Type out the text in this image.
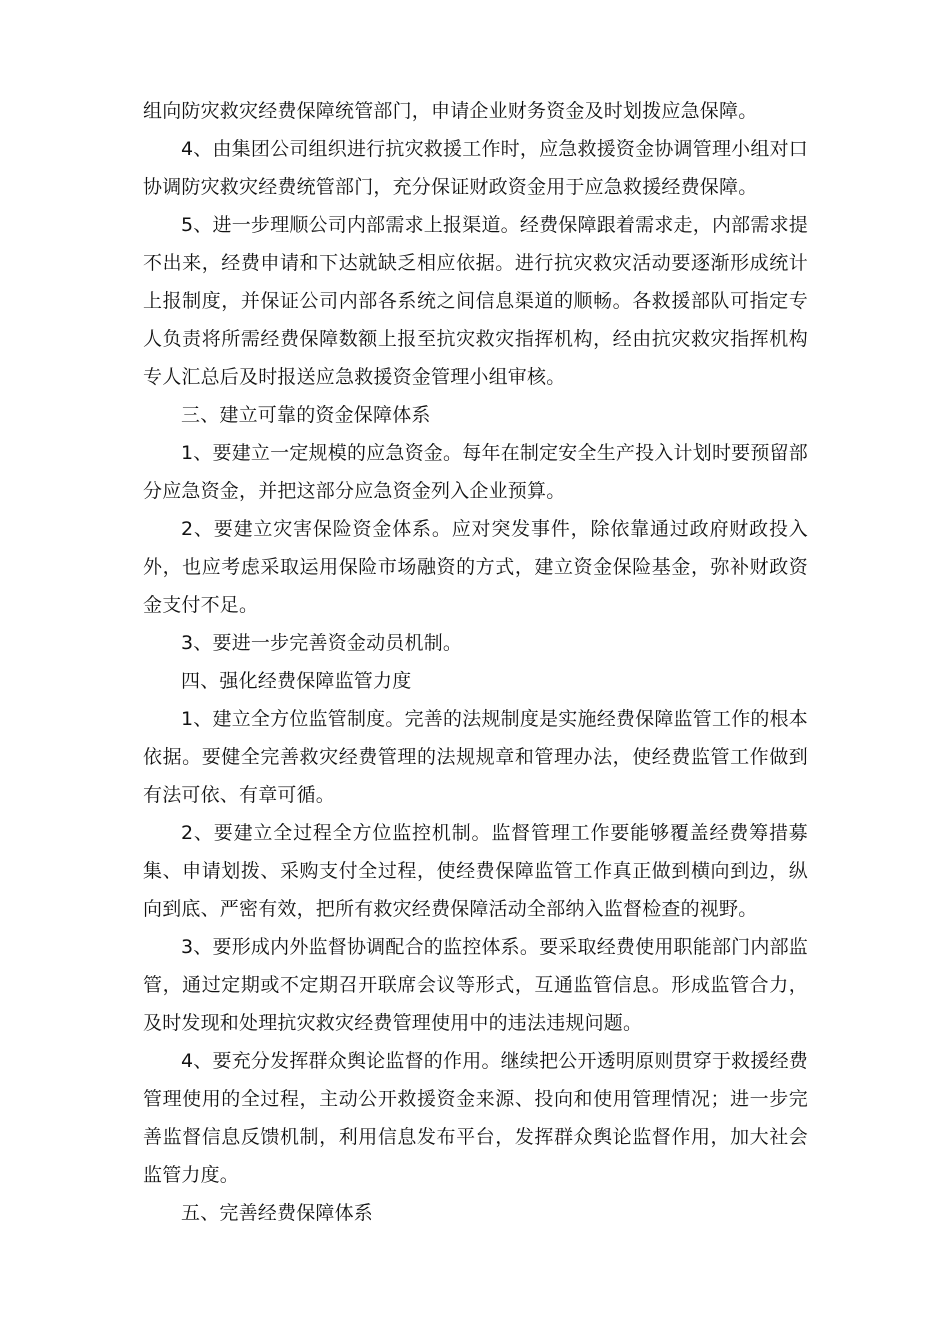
组向防灾救灾经费保障统管部门，申请企业财务资金及时划拨应急保障。

4、由集团公司组织进行抗灾救援工作时，应急救援资金协调管理小组对口协调防灾救灾经费统管部门，充分保证财政资金用于应急救援经费保障。

5、进一步理顺公司内部需求上报渠道。经费保障跟着需求走，内部需求提不出来，经费申请和下达就缺乏相应依据。进行抗灾救灾活动要逐渐形成统计上报制度，并保证公司内部各系统之间信息渠道的顺畅。各救援部队可指定专人负责将所需经费保障数额上报至抗灾救灾指挥机构，经由抗灾救灾指挥机构专人汇总后及时报送应急救援资金管理小组审核。

三、建立可靠的资金保障体系

1、要建立一定规模的应急资金。每年在制定安全生产投入计划时要预留部分应急资金，并把这部分应急资金列入企业预算。

2、要建立灾害保险资金体系。应对突发事件，除依靠通过政府财政投入外，也应考虑采取运用保险市场融资的方式，建立资金保险基金，弥补财政资金支付不足。

3、要进一步完善资金动员机制。

四、强化经费保障监管力度

1、建立全方位监管制度。完善的法规制度是实施经费保障监管工作的根本依据。要健全完善救灾经费管理的法规规章和管理办法，使经费监管工作做到有法可依、有章可循。

2、要建立全过程全方位监控机制。监督管理工作要能够覆盖经费筹措募集、申请划拨、采购支付全过程，使经费保障监管工作真正做到横向到边，纵向到底、严密有效，把所有救灾经费保障活动全部纳入监督检查的视野。

3、要形成内外监督协调配合的监控体系。要采取经费使用职能部门内部监管，通过定期或不定期召开联席会议等形式，互通监管信息。形成监管合力，及时发现和处理抗灾救灾经费管理使用中的违法违规问题。

4、要充分发挥群众舆论监督的作用。继续把公开透明原则贯穿于救援经费管理使用的全过程，主动公开救援资金来源、投向和使用管理情况；进一步完善监督信息反馈机制，利用信息发布平台，发挥群众舆论监督作用，加大社会监管力度。

五、完善经费保障体系
